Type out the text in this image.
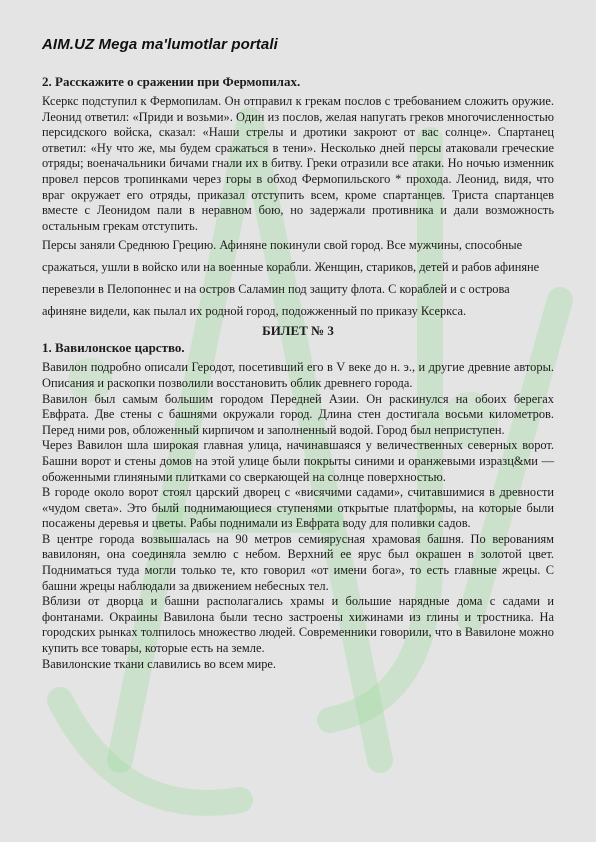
AIM.UZ Mega ma'lumotlar portali
2. Расскажите о сражении при Фермопилах.

Ксеркс подступил к Фермопилам. Он отправил к грекам послов с требованием сложить оружие. Леонид ответил: «Приди и возьми». Один из послов, желая напугать греков многочисленностью персидского войска, сказал: «Наши стрелы и дротики закроют от вас солнце». Спартанец ответил: «Ну что же, мы будем сражаться в тени». Несколько дней персы атаковали греческие отряды; военачальники бичами гнали их в битву. Греки отразили все атаки. Но ночью изменник провел персов тропинками через горы в обход Фермопильского * прохода. Леонид, видя, что враг окружает его отряды, приказал отступить всем, кроме спартанцев. Триста спартанцев вместе с Леонидом пали в неравном бою, но задержали противника и дали возможность остальным грекам отступить.

Персы заняли Среднюю Грецию. Афиняне покинули свой город. Все мужчины, способные сражаться, ушли в войско или на военные корабли. Женщин, стариков, детей и рабов афиняне перевезли в Пелопоннес и на остров Саламин под защиту флота. С кораблей и с острова афиняне видели, как пылал их родной город, подожженный по приказу Ксеркса.

БИЛЕТ № 3
1. Вавилонское царство.

Вавилон подробно описали Геродот, посетивший его в V веке до н. э., и другие древние авторы. Описания и раскопки позволили восстановить облик древнего города.

Вавилон был самым большим городом Передней Азии. Он раскинулся на обоих берегах Евфрата. Две стены с башнями окружали город. Длина стен достигала восьми километров. Перед ними ров, обложенный кирпичом и заполненный водой. Город был неприступен.

Через Вавилон шла широкая главная улица, начинавшаяся у величественных северных ворот. Башни ворот и стены домов на этой улице были покрыты синими и оранжевыми изразц&ми — обоженными глиняными плитками со сверкающей на солнце поверхностью.

В городе около ворот стоял царский дворец с «висячими садами», считавшимися в древности «чудом света». Это былй поднимающиеся ступенями открытые платформы, на которые были посажены деревья и цветы. Рабы поднимали из Евфрата воду для поливки садов.

В центре города возвышалась на 90 метров семиярусная храмовая башня. По верованиям вавилонян, она соединяла землю с небом. Верхний ее ярус был окрашен в золотой цвет. Подниматься туда могли только те, кто говорил «от имени бога», то есть главные жрецы. С башни жрецы наблюдали за движением небесных тел.

Вблизи от дворца и башни располагались храмы и большие нарядные дома с садами и фонтанами. Окраины Вавилона были тесно застроены хижинами из глины и тростника. На городских рынках толпилось множество людей. Современники говорили, что в Вавилоне можно купить все товары, которые есть на земле.

Вавилонские ткани славились во всем мире.
